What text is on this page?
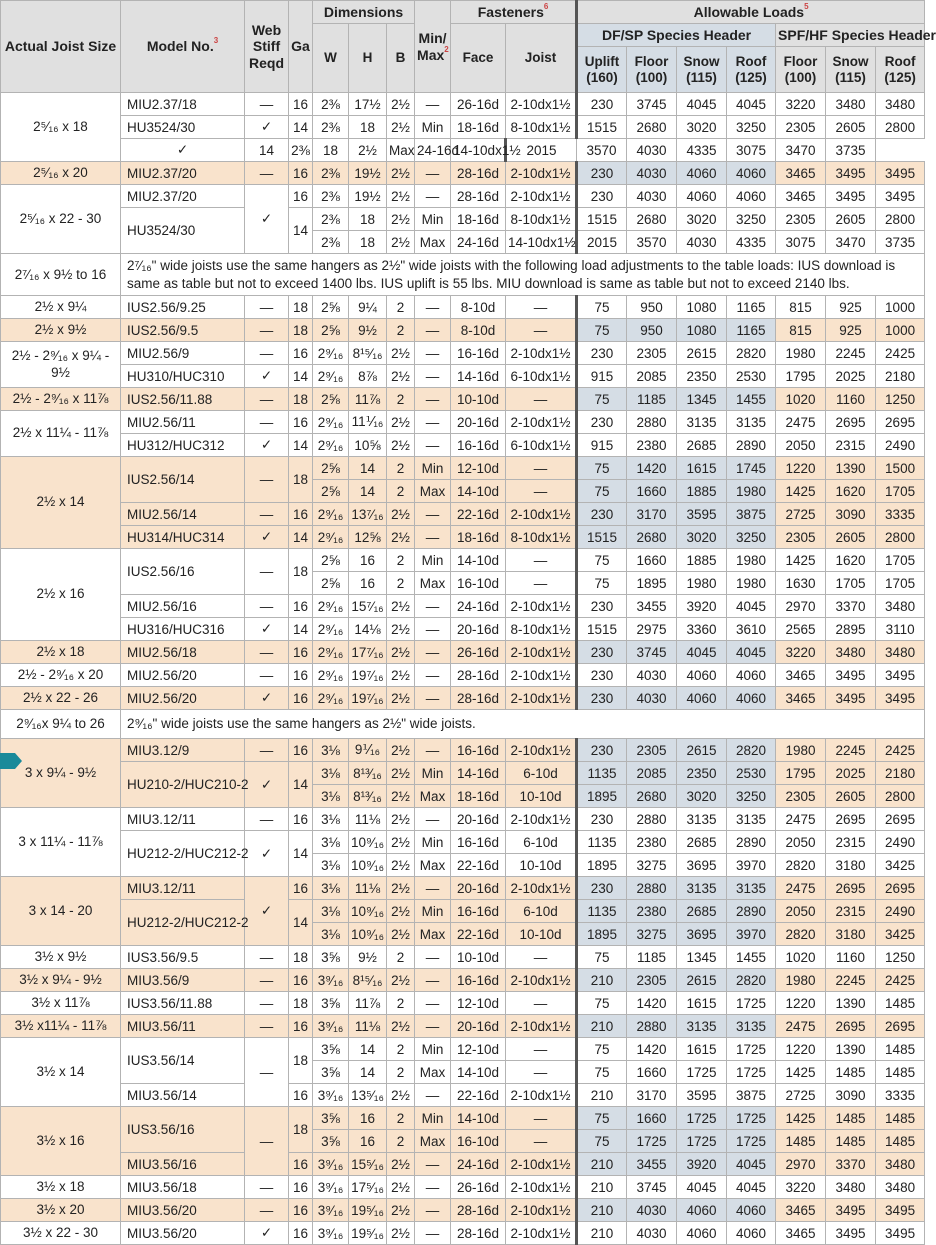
Actual Joist Size	Model No.$^3$	Web Stiff Reqd	Ga	Dimensions			Min/ Max$^2$	Fasteners$^6$		Allowable Loads$^5$
				W	H	B		Face	Joist	DF/SP Species Header				SPF/HF Species Header		
										Uplift (160)	Floor (100)	Snow (115)	Roof (125)	Floor (100)	Snow (115)	Roof (125)
2⁵⁄₁₆ x 18	MIU2.37/18	—	16	2⅜	17½	2½	—	26-16d	2-10dx1½	230	3745	4045	4045	3220	3480	3480
	HU3524/30	✓	14	2⅜	18	2½	Min	18-16d	8-10dx1½	1515	2680	3020	3250	2305	2605	2800
	✓	14	2⅜	18	2½	Max	24-16d	14-10dx1½	2015	3570	4030	4335	3075	3470	3735	
2⁵⁄₁₆ x 20	MIU2.37/20	—	16	2⅜	19½	2½	—	28-16d	2-10dx1½	230	4030	4060	4060	3465	3495	3495
2⁵⁄₁₆ x 22 - 30	MIU2.37/20	✓	16	2⅜	19½	2½	—	28-16d	2-10dx1½	230	4030	4060	4060	3465	3495	3495
	HU3524/30		14	2⅜	18	2½	Min	18-16d	8-10dx1½	1515	2680	3020	3250	2305	2605	2800
				2⅜	18	2½	Max	24-16d	14-10dx1½	2015	3570	4030	4335	3075	3470	3735
2⁷⁄₁₆ x 9½ to 16	2⁷⁄₁₆" wide joists use the same hangers as 2½" wide joists with the following load adjustments to the table loads: IUS download is same as table but not to exceed 1400 lbs. IUS uplift is 55 lbs. MIU download is same as table but not to exceed 2140 lbs.															
2½ x 9¼	IUS2.56/9.25	—	18	2⅝	9¼	2	—	8-10d	—	75	950	1080	1165	815	925	1000
2½ x 9½	IUS2.56/9.5	—	18	2⅝	9½	2	—	8-10d	—	75	950	1080	1165	815	925	1000
2½ - 2⁹⁄₁₆ x 9¼ - 9½	MIU2.56/9	—	16	2⁹⁄₁₆	8¹⁵⁄₁₆	2½	—	16-16d	2-10dx1½	230	2305	2615	2820	1980	2245	2425
	HU310/HUC310	✓	14	2⁹⁄₁₆	8⅞	2½	—	14-16d	6-10dx1½	915	2085	2350	2530	1795	2025	2180
2½ - 2⁹⁄₁₆ x 11⅞	IUS2.56/11.88	—	18	2⅝	11⅞	2	—	10-10d	—	75	1185	1345	1455	1020	1160	1250
2½ x 11¼ - 11⅞	MIU2.56/11	—	16	2⁹⁄₁₆	11⅟₁₆	2½	—	20-16d	2-10dx1½	230	2880	3135	3135	2475	2695	2695
	HU312/HUC312	✓	14	2⁹⁄₁₆	10⅝	2½	—	16-16d	6-10dx1½	915	2380	2685	2890	2050	2315	2490
2½ x 14	IUS2.56/14	—	18	2⅝	14	2	Min	12-10d	—	75	1420	1615	1745	1220	1390	1500
				2⅝	14	2	Max	14-10d	—	75	1660	1885	1980	1425	1620	1705
	MIU2.56/14	—	16	2⁹⁄₁₆	13⁷⁄₁₆	2½	—	22-16d	2-10dx1½	230	3170	3595	3875	2725	3090	3335
	HU314/HUC314	✓	14	2⁹⁄₁₆	12⅝	2½	—	18-16d	8-10dx1½	1515	2680	3020	3250	2305	2605	2800
2½ x 16	IUS2.56/16	—	18	2⅝	16	2	Min	14-10d	—	75	1660	1885	1980	1425	1620	1705
				2⅝	16	2	Max	16-10d	—	75	1895	1980	1980	1630	1705	1705
	MIU2.56/16	—	16	2⁹⁄₁₆	15⁷⁄₁₆	2½	—	24-16d	2-10dx1½	230	3455	3920	4045	2970	3370	3480
	HU316/HUC316	✓	14	2⁹⁄₁₆	14⅛	2½	—	20-16d	8-10dx1½	1515	2975	3360	3610	2565	2895	3110
2½ x 18	MIU2.56/18	—	16	2⁹⁄₁₆	17⁷⁄₁₆	2½	—	26-16d	2-10dx1½	230	3745	4045	4045	3220	3480	3480
2½ - 2⁹⁄₁₆ x 20	MIU2.56/20	—	16	2⁹⁄₁₆	19⁷⁄₁₆	2½	—	28-16d	2-10dx1½	230	4030	4060	4060	3465	3495	3495
2½ x 22 - 26	MIU2.56/20	✓	16	2⁹⁄₁₆	19⁷⁄₁₆	2½	—	28-16d	2-10dx1½	230	4030	4060	4060	3465	3495	3495
2⁹⁄₁₆x 9¼ to 26	2⁹⁄₁₆" wide joists use the same hangers as 2½" wide joists.															
3 x 9¼ - 9½	MIU3.12/9	—	16	3⅛	9⅟₁₆	2½	—	16-16d	2-10dx1½	230	2305	2615	2820	1980	2245	2425
	HU210-2/HUC210-2	✓	14	3⅛	8¹³⁄₁₆	2½	Min	14-16d	6-10d	1135	2085	2350	2530	1795	2025	2180
				3⅛	8¹³⁄₁₆	2½	Max	18-16d	10-10d	1895	2680	3020	3250	2305	2605	2800
3 x 11¼ - 11⅞	MIU3.12/11	—	16	3⅛	11⅛	2½	—	20-16d	2-10dx1½	230	2880	3135	3135	2475	2695	2695
	HU212-2/HUC212-2	✓	14	3⅛	10⁹⁄₁₆	2½	Min	16-16d	6-10d	1135	2380	2685	2890	2050	2315	2490
				3⅛	10⁹⁄₁₆	2½	Max	22-16d	10-10d	1895	3275	3695	3970	2820	3180	3425
3 x 14 - 20	MIU3.12/11	✓	16	3⅛	11⅛	2½	—	20-16d	2-10dx1½	230	2880	3135	3135	2475	2695	2695
	HU212-2/HUC212-2		14	3⅛	10⁹⁄₁₆	2½	Min	16-16d	6-10d	1135	2380	2685	2890	2050	2315	2490
				3⅛	10⁹⁄₁₆	2½	Max	22-16d	10-10d	1895	3275	3695	3970	2820	3180	3425
3½ x 9½	IUS3.56/9.5	—	18	3⅝	9½	2	—	10-10d	—	75	1185	1345	1455	1020	1160	1250
3½ x 9¼ - 9½	MIU3.56/9	—	16	3⁹⁄₁₆	8¹⁵⁄₁₆	2½	—	16-16d	2-10dx1½	210	2305	2615	2820	1980	2245	2425
3½ x 11⅞	IUS3.56/11.88	—	18	3⅝	11⅞	2	—	12-10d	—	75	1420	1615	1725	1220	1390	1485
3½ x11¼ - 11⅞	MIU3.56/11	—	16	3⁹⁄₁₆	11⅛	2½	—	20-16d	2-10dx1½	210	2880	3135	3135	2475	2695	2695
3½ x 14	IUS3.56/14	—	18	3⅝	14	2	Min	12-10d	—	75	1420	1615	1725	1220	1390	1485
				3⅝	14	2	Max	14-10d	—	75	1660	1725	1725	1425	1485	1485
	MIU3.56/14		16	3⁹⁄₁₆	13⁵⁄₁₆	2½	—	22-16d	2-10dx1½	210	3170	3595	3875	2725	3090	3335
3½ x 16	IUS3.56/16	—	18	3⅝	16	2	Min	14-10d	—	75	1660	1725	1725	1425	1485	1485
				3⅝	16	2	Max	16-10d	—	75	1725	1725	1725	1485	1485	1485
	MIU3.56/16		16	3⁹⁄₁₆	15⁵⁄₁₆	2½	—	24-16d	2-10dx1½	210	3455	3920	4045	2970	3370	3480
3½ x 18	MIU3.56/18	—	16	3⁹⁄₁₆	17⁵⁄₁₆	2½	—	26-16d	2-10dx1½	210	3745	4045	4045	3220	3480	3480
3½ x 20	MIU3.56/20	—	16	3⁹⁄₁₆	19⁵⁄₁₆	2½	—	28-16d	2-10dx1½	210	4030	4060	4060	3465	3495	3495
3½ x 22 - 30	MIU3.56/20	✓	16	3⁹⁄₁₆	19⁵⁄₁₆	2½	—	28-16d	2-10dx1½	210	4030	4060	4060	3465	3495	3495
